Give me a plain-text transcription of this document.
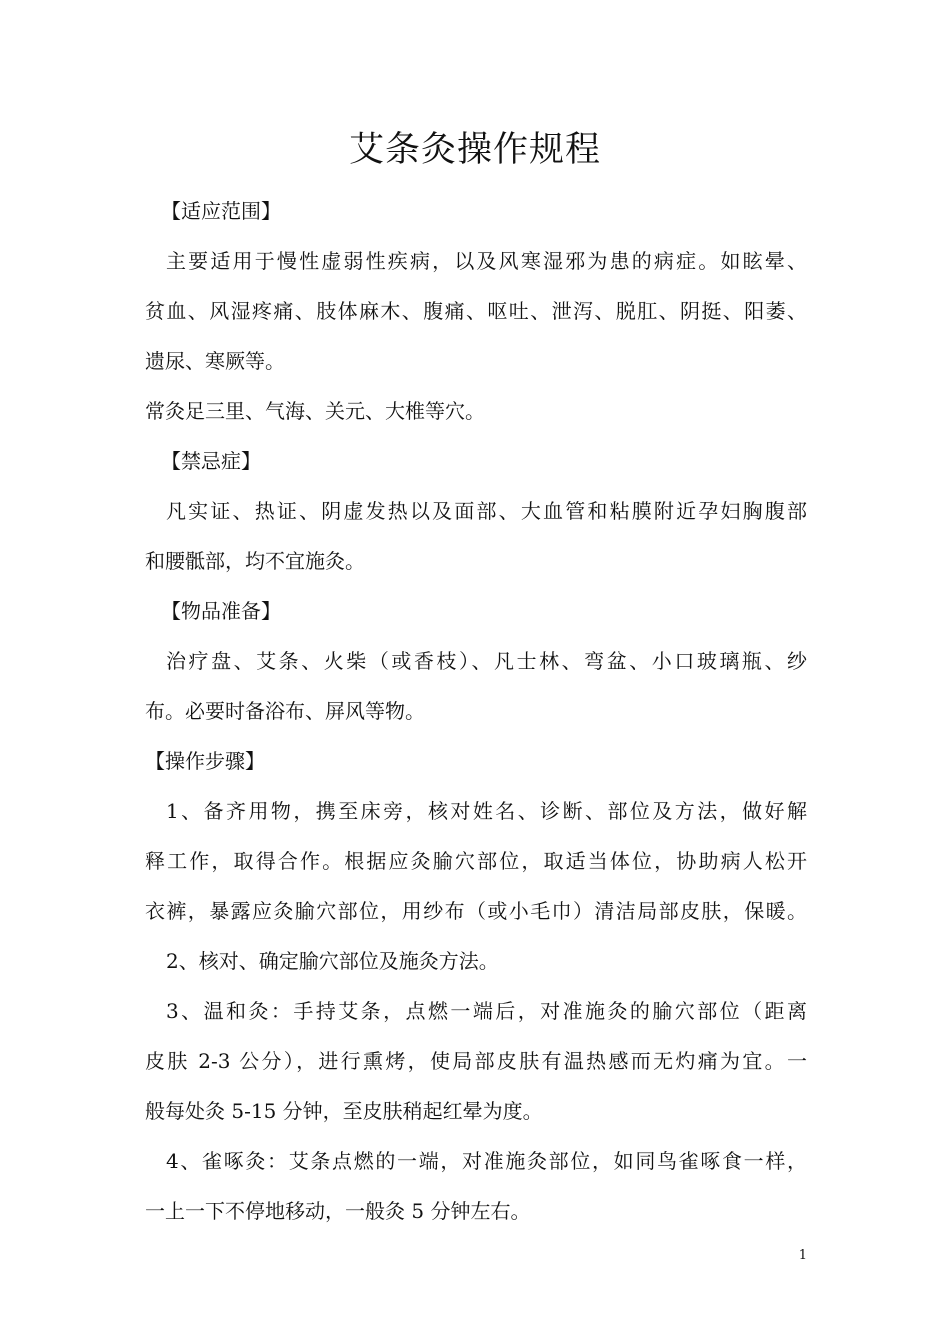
艾条灸操作规程
【适应范围】
主要适用于慢性虚弱性疾病，以及风寒湿邪为患的病症。如眩晕、
贫血、风湿疼痛、肢体麻木、腹痛、呕吐、泄泻、脱肛、阴挺、阳萎、
遗尿、寒厥等。
常灸足三里、气海、关元、大椎等穴。
【禁忌症】
凡实证、热证、阴虚发热以及面部、大血管和粘膜附近孕妇胸腹部
和腰骶部，均不宜施灸。
【物品准备】
治疗盘、艾条、火柴（或香枝）、凡士林、弯盆、小口玻璃瓶、纱
布。必要时备浴布、屏风等物。
【操作步骤】
1、备齐用物，携至床旁，核对姓名、诊断、部位及方法，做好解
释工作，取得合作。根据应灸腧穴部位，取适当体位，协助病人松开
衣裤，暴露应灸腧穴部位，用纱布（或小毛巾）清洁局部皮肤，保暖。
2、核对、确定腧穴部位及施灸方法。
3、温和灸：手持艾条，点燃一端后，对准施灸的腧穴部位（距离
皮肤 2-3 公分），进行熏烤，使局部皮肤有温热感而无灼痛为宜。一
般每处灸 5-15 分钟，至皮肤稍起红晕为度。
4、雀啄灸：艾条点燃的一端，对准施灸部位，如同鸟雀啄食一样，
一上一下不停地移动，一般灸 5 分钟左右。
1
